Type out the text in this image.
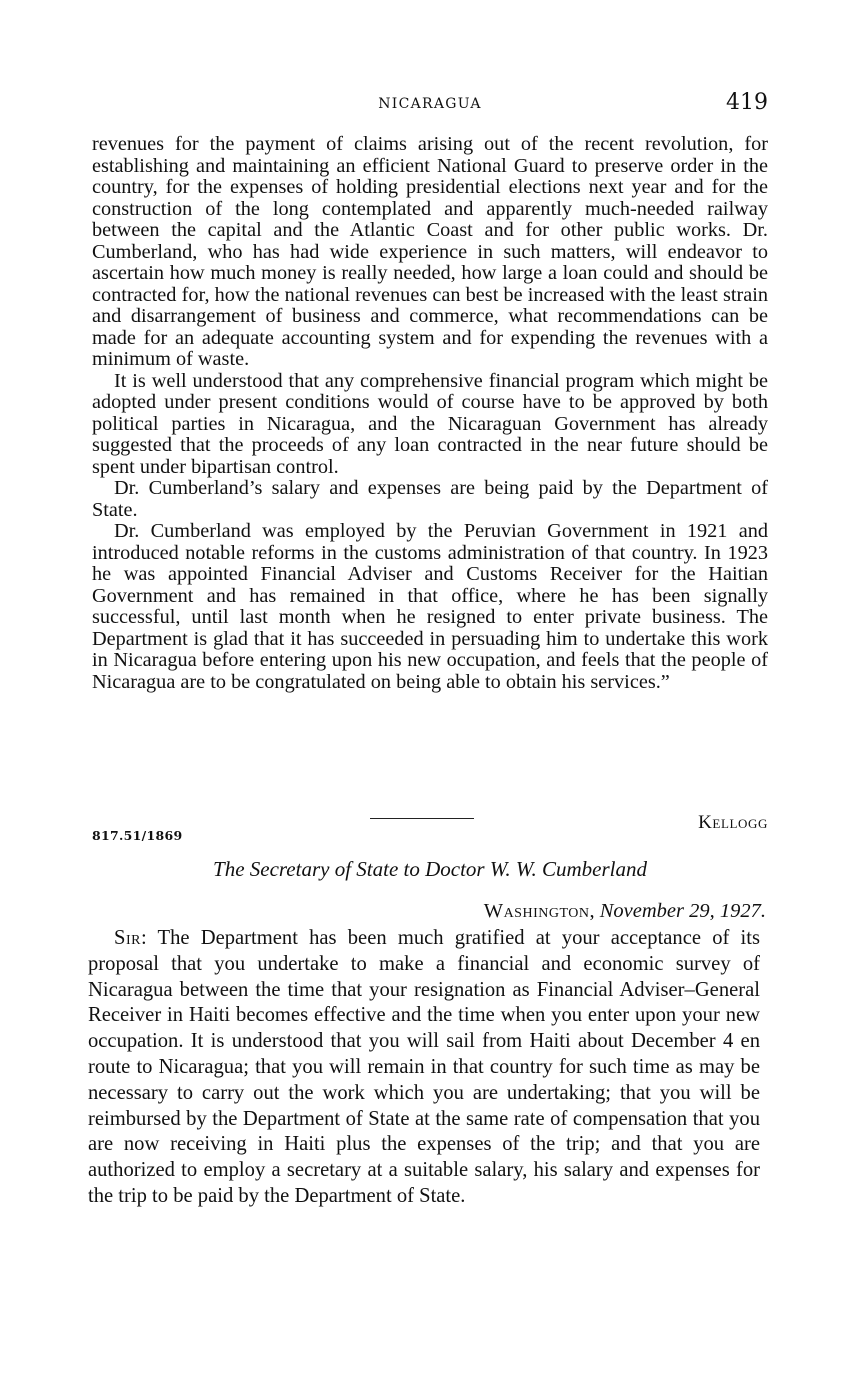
NICARAGUA	419

revenues for the payment of claims arising out of the recent revolution, for establishing and maintaining an efficient National Guard to preserve order in the country, for the expenses of holding presidential elections next year and for the construction of the long contemplated and apparently much-needed railway between the capital and the Atlantic Coast and for other public works. Dr. Cumberland, who has had wide experience in such matters, will endeavor to ascertain how much money is really needed, how large a loan could and should be contracted for, how the national revenues can best be increased with the least strain and disarrangement of business and commerce, what recommendations can be made for an adequate accounting system and for expending the revenues with a minimum of waste.

It is well understood that any comprehensive financial program which might be adopted under present conditions would of course have to be approved by both political parties in Nicaragua, and the Nicaraguan Government has already suggested that the proceeds of any loan contracted in the near future should be spent under bipartisan control.

Dr. Cumberland’s salary and expenses are being paid by the Department of State.

Dr. Cumberland was employed by the Peruvian Government in 1921 and introduced notable reforms in the customs administration of that country. In 1923 he was appointed Financial Adviser and Customs Receiver for the Haitian Government and has remained in that office, where he has been signally successful, until last month when he resigned to enter private business. The Department is glad that it has succeeded in persuading him to undertake this work in Nicaragua before entering upon his new occupation, and feels that the people of Nicaragua are to be congratulated on being able to obtain his services.”

Kellogg
817.51/1869
The Secretary of State to Doctor W. W. Cumberland
Washington, November 29, 1927.

Sir: The Department has been much gratified at your acceptance of its proposal that you undertake to make a financial and economic survey of Nicaragua between the time that your resignation as Financial Adviser–General Receiver in Haiti becomes effective and the time when you enter upon your new occupation. It is understood that you will sail from Haiti about December 4 en route to Nicaragua; that you will remain in that country for such time as may be necessary to carry out the work which you are undertaking; that you will be reimbursed by the Department of State at the same rate of compensation that you are now receiving in Haiti plus the expenses of the trip; and that you are authorized to employ a secretary at a suitable salary, his salary and expenses for the trip to be paid by the Department of State.
